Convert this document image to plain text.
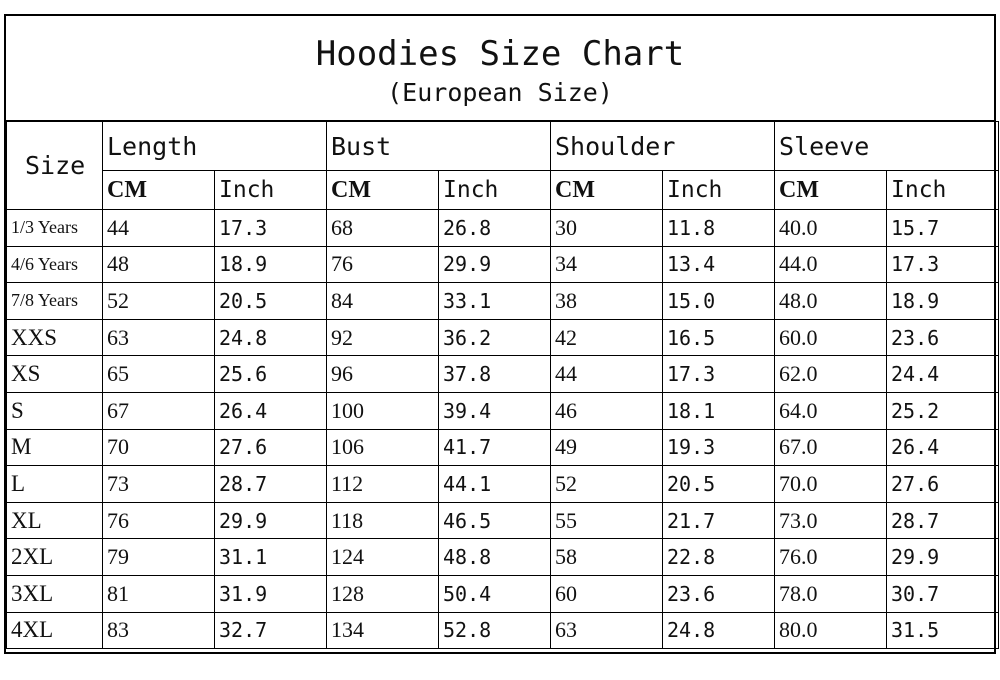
Hoodies Size Chart
(European Size)
Size	Length		Bust		Shoulder		Sleeve	
	CM	Inch	CM	Inch	CM	Inch	CM	Inch
1/3 Years	44	17.3	68	26.8	30	11.8	40.0	15.7
4/6 Years	48	18.9	76	29.9	34	13.4	44.0	17.3
7/8 Years	52	20.5	84	33.1	38	15.0	48.0	18.9
XXS	63	24.8	92	36.2	42	16.5	60.0	23.6
XS	65	25.6	96	37.8	44	17.3	62.0	24.4
S	67	26.4	100	39.4	46	18.1	64.0	25.2
M	70	27.6	106	41.7	49	19.3	67.0	26.4
L	73	28.7	112	44.1	52	20.5	70.0	27.6
XL	76	29.9	118	46.5	55	21.7	73.0	28.7
2XL	79	31.1	124	48.8	58	22.8	76.0	29.9
3XL	81	31.9	128	50.4	60	23.6	78.0	30.7
4XL	83	32.7	134	52.8	63	24.8	80.0	31.5
